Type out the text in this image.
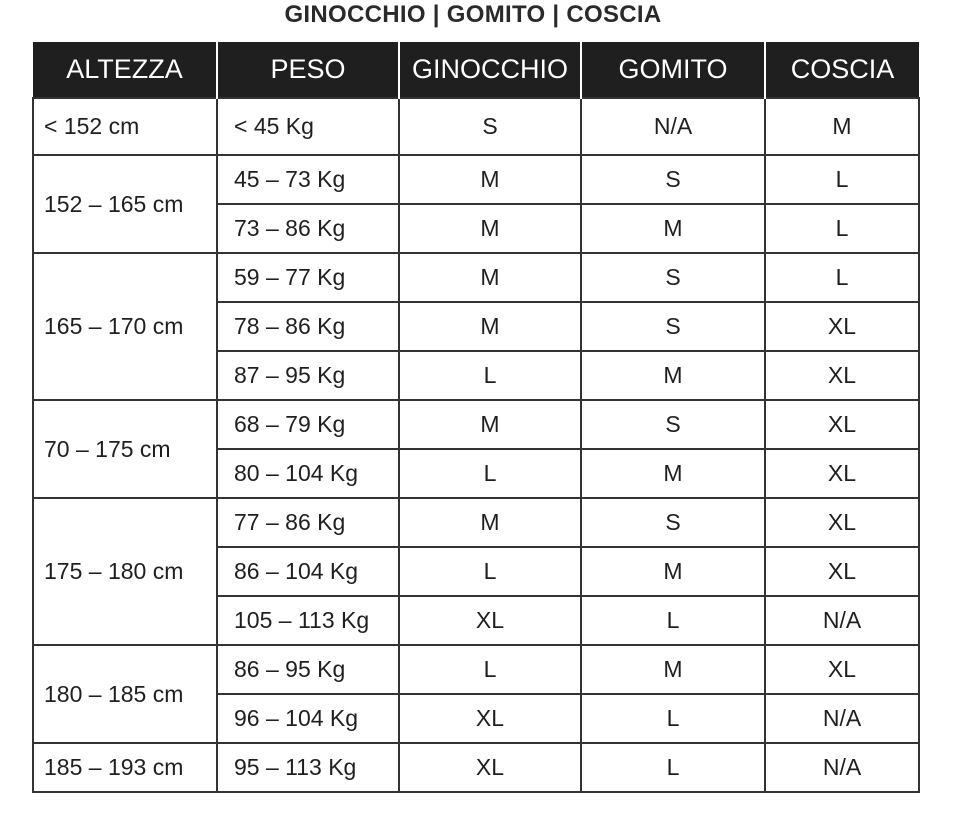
GINOCCHIO | GOMITO | COSCIA
ALTEZZA	PESO	GINOCCHIO	GOMITO	COSCIA
< 152 cm	< 45 Kg	S	N/A	M
152 – 165 cm	45 – 73 Kg	M	S	L
	73 – 86 Kg	M	M	L
165 – 170 cm	59 – 77 Kg	M	S	L
	78 – 86 Kg	M	S	XL
	87 – 95 Kg	L	M	XL
70 – 175 cm	68 – 79 Kg	M	S	XL
	80 – 104 Kg	L	M	XL
175 – 180 cm	77 – 86 Kg	M	S	XL
	86 – 104 Kg	L	M	XL
	105 – 113 Kg	XL	L	N/A
180 – 185 cm	86 – 95 Kg	L	M	XL
	96 – 104 Kg	XL	L	N/A
185 – 193 cm	95 – 113 Kg	XL	L	N/A
